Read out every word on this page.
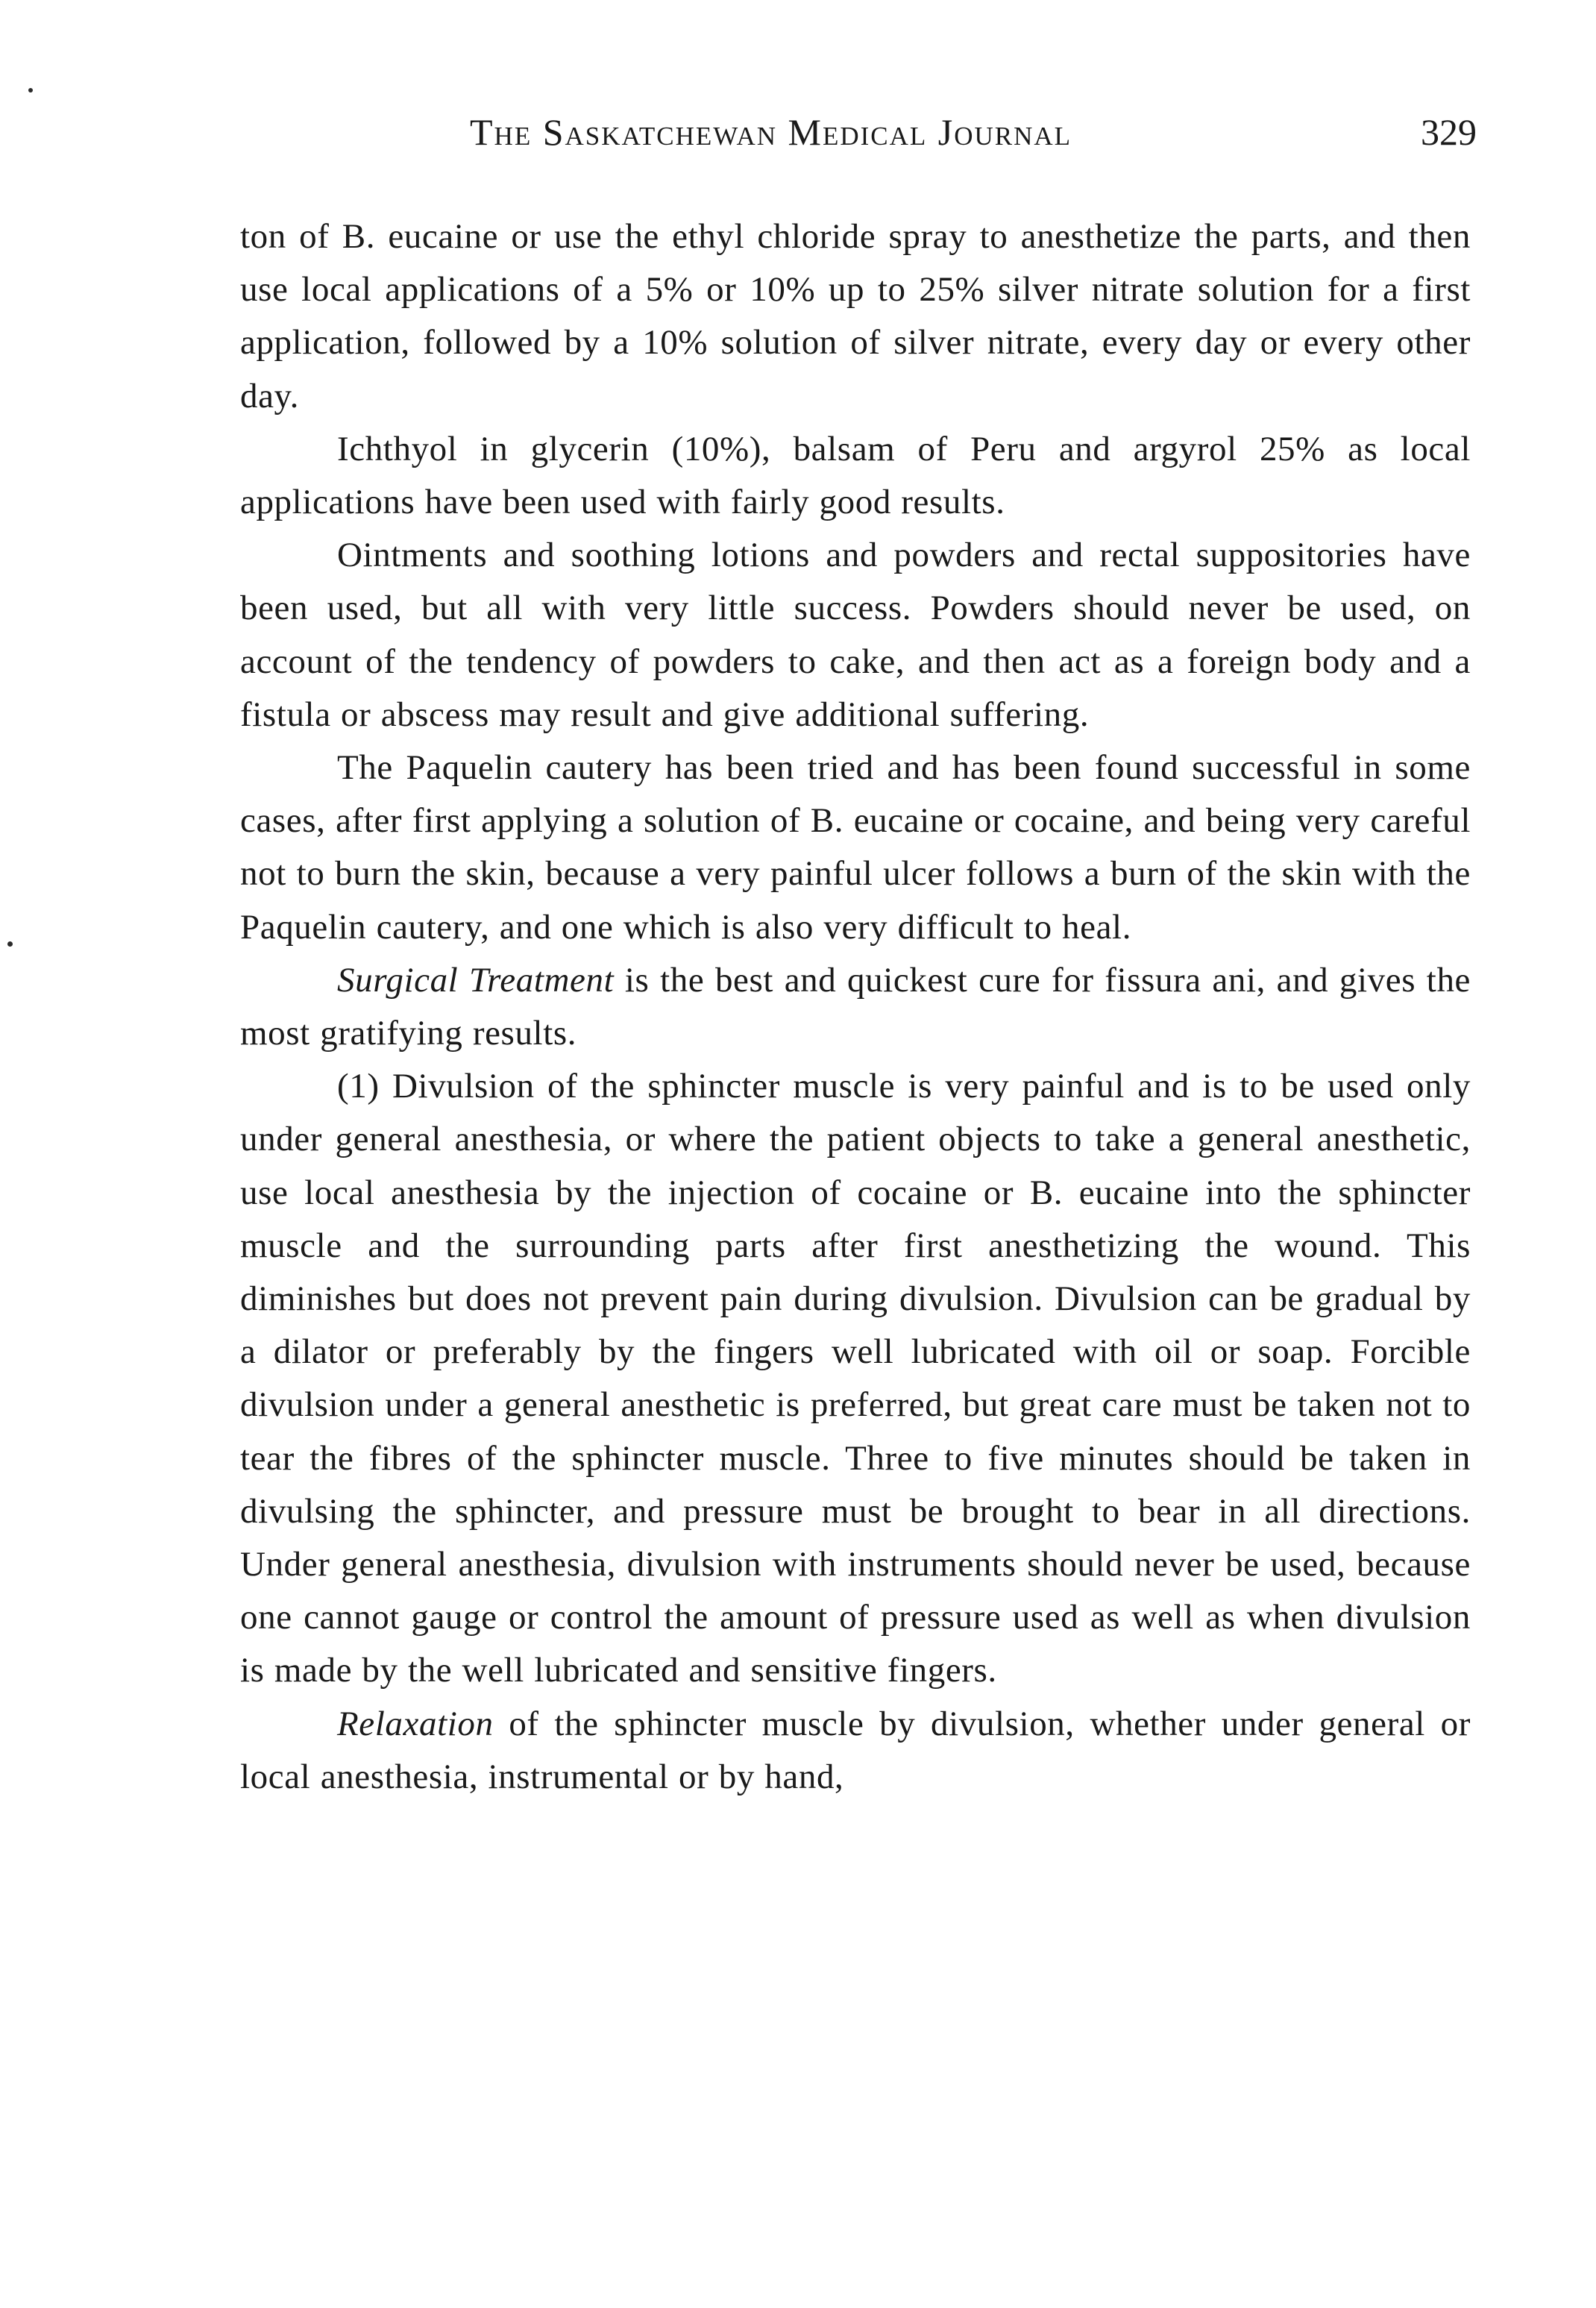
The Saskatchewan Medical Journal	329

ton of B. eucaine or use the ethyl chloride spray to anesthetize the parts, and then use local applications of a 5% or 10% up to 25% silver nitrate solution for a first application, followed by a 10% solution of silver nitrate, every day or every other day.

Ichthyol in glycerin (10%), balsam of Peru and argyrol 25% as local applications have been used with fairly good results.

Ointments and soothing lotions and powders and rectal suppositories have been used, but all with very little success. Powders should never be used, on account of the tendency of powders to cake, and then act as a foreign body and a fistula or abscess may result and give additional suffering.

The Paquelin cautery has been tried and has been found successful in some cases, after first applying a solution of B. eucaine or cocaine, and being very careful not to burn the skin, because a very painful ulcer follows a burn of the skin with the Paquelin cautery, and one which is also very difficult to heal.

Surgical Treatment is the best and quickest cure for fissura ani, and gives the most gratifying results.

(1) Divulsion of the sphincter muscle is very painful and is to be used only under general anesthesia, or where the patient objects to take a general anesthetic, use local anesthesia by the injection of cocaine or B. eucaine into the sphincter muscle and the surrounding parts after first anesthetizing the wound. This diminishes but does not prevent pain during divulsion. Divulsion can be gradual by a dilator or preferably by the fingers well lubricated with oil or soap. Forcible divulsion under a general anesthetic is preferred, but great care must be taken not to tear the fibres of the sphincter muscle. Three to five minutes should be taken in divulsing the sphincter, and pressure must be brought to bear in all directions. Under general anesthesia, divulsion with instruments should never be used, because one cannot gauge or control the amount of pressure used as well as when divulsion is made by the well lubricated and sensitive fingers.

Relaxation of the sphincter muscle by divulsion, whether under general or local anesthesia, instrumental or by hand,
